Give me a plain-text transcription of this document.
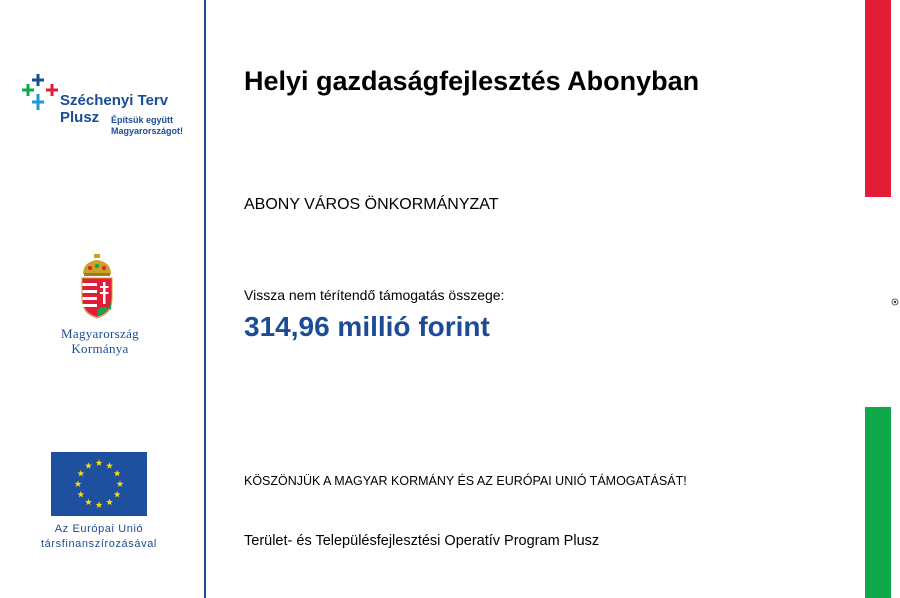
Széchenyi Terv
Plusz Építsük együtt
Magyarországot!
Magyarország
Kormánya
Az Európai Unió
társfinanszírozásával
Helyi gazdaságfejlesztés Abonyban
ABONY VÁROS ÖNKORMÁNYZAT
Vissza nem térítendő támogatás összege:
314,96 millió forint
KÖSZÖNJÜK A MAGYAR KORMÁNY ÉS AZ EURÓPAI UNIÓ TÁMOGATÁSÁT!
Terület- és Településfejlesztési Operatív Program Plusz
